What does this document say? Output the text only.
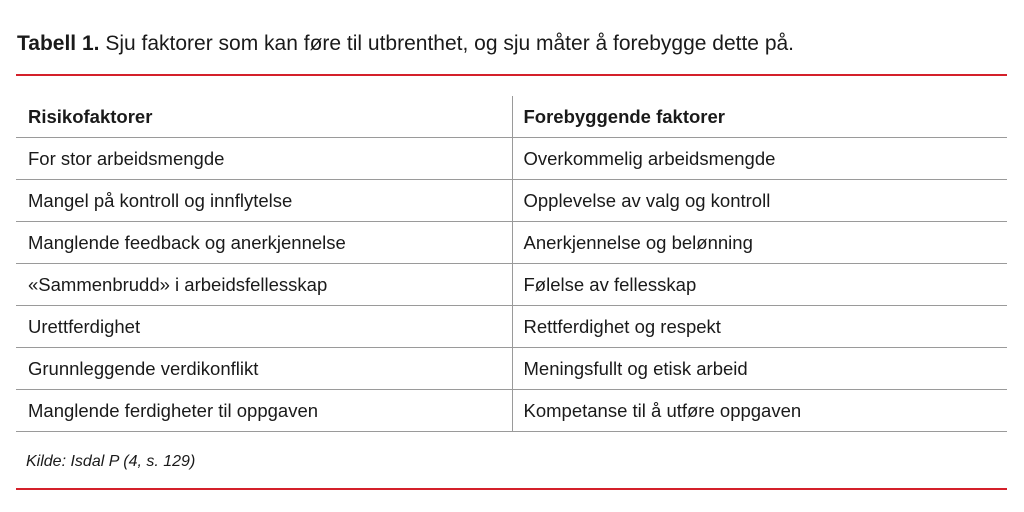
Tabell 1. Sju faktorer som kan føre til utbrenthet, og sju måter å forebygge dette på.
Risikofaktorer	Forebyggende faktorer
For stor arbeidsmengde	Overkommelig arbeidsmengde
Mangel på kontroll og innflytelse	Opplevelse av valg og kontroll
Manglende feedback og anerkjennelse	Anerkjennelse og belønning
«Sammenbrudd» i arbeidsfellesskap	Følelse av fellesskap
Urettferdighet	Rettferdighet og respekt
Grunnleggende verdikonflikt	Meningsfullt og etisk arbeid
Manglende ferdigheter til oppgaven	Kompetanse til å utføre oppgaven
Kilde: Isdal P (4, s. 129)
